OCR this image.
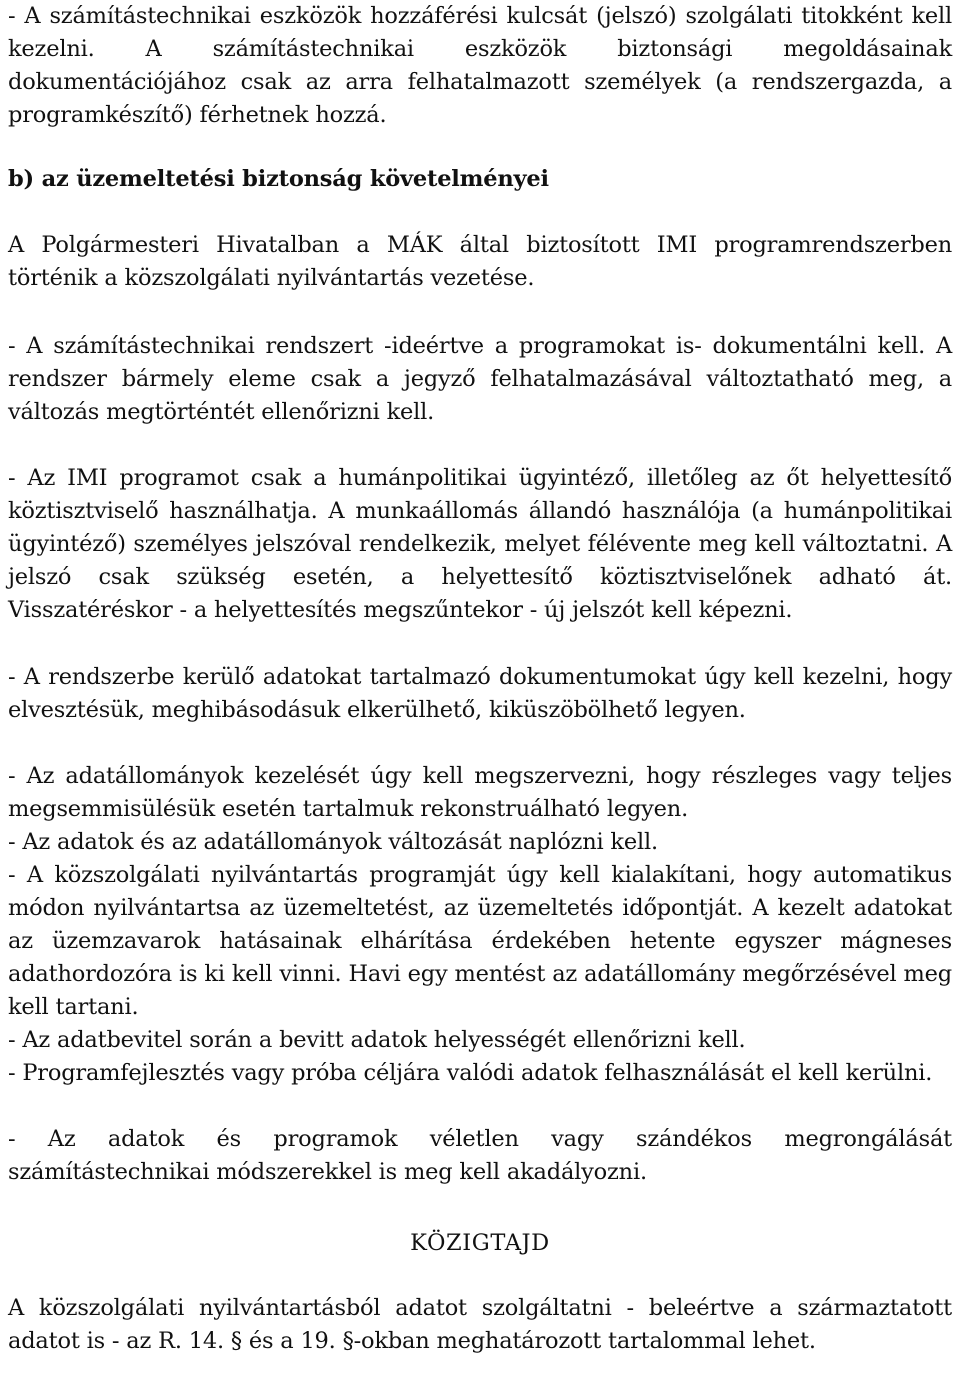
- A számítástechnikai eszközök hozzáférési kulcsát (jelszó) szolgálati titokként kell kezelni. A számítástechnikai eszközök biztonsági megoldásainak dokumentációjához csak az arra felhatalmazott személyek (a rendszergazda, a programkészítő) férhetnek hozzá.

b) az üzemeltetési biztonság követelményei

A Polgármesteri Hivatalban a MÁK által biztosított IMI programrendszerben történik a közszolgálati nyilvántartás vezetése.

- A számítástechnikai rendszert -ideértve a programokat is- dokumentálni kell. A rendszer bármely eleme csak a jegyző felhatalmazásával változtatható meg, a változás megtörténtét ellenőrizni kell.

- Az IMI programot csak a humánpolitikai ügyintéző, illetőleg az őt helyettesítő köztisztviselő használhatja. A munkaállomás állandó használója (a humánpolitikai ügyintéző) személyes jelszóval rendelkezik, melyet félévente meg kell változtatni. A jelszó csak szükség esetén, a helyettesítő köztisztviselőnek adható át. Visszatéréskor - a helyettesítés megszűntekor - új jelszót kell képezni.

- A rendszerbe kerülő adatokat tartalmazó dokumentumokat úgy kell kezelni, hogy elvesztésük, meghibásodásuk elkerülhető, kiküszöbölhető legyen.

- Az adatállományok kezelését úgy kell megszervezni, hogy részleges vagy teljes megsemmisülésük esetén tartalmuk rekonstruálható legyen.

- Az adatok és az adatállományok változását naplózni kell.

- A közszolgálati nyilvántartás programját úgy kell kialakítani, hogy automatikus módon nyilvántartsa az üzemeltetést, az üzemeltetés időpontját. A kezelt adatokat az üzemzavarok hatásainak elhárítása érdekében hetente egyszer mágneses adathordozóra is ki kell vinni. Havi egy mentést az adatállomány megőrzésével meg kell tartani.

- Az adatbevitel során a bevitt adatok helyességét ellenőrizni kell.

- Programfejlesztés vagy próba céljára valódi adatok felhasználását el kell kerülni.

- Az adatok és programok véletlen vagy szándékos megrongálását számítástechnikai módszerekkel is meg kell akadályozni.

KÖZIGTAJD

A közszolgálati nyilvántartásból adatot szolgáltatni - beleértve a származtatott adatot is - az R. 14. § és a 19. §-okban meghatározott tartalommal lehet.
